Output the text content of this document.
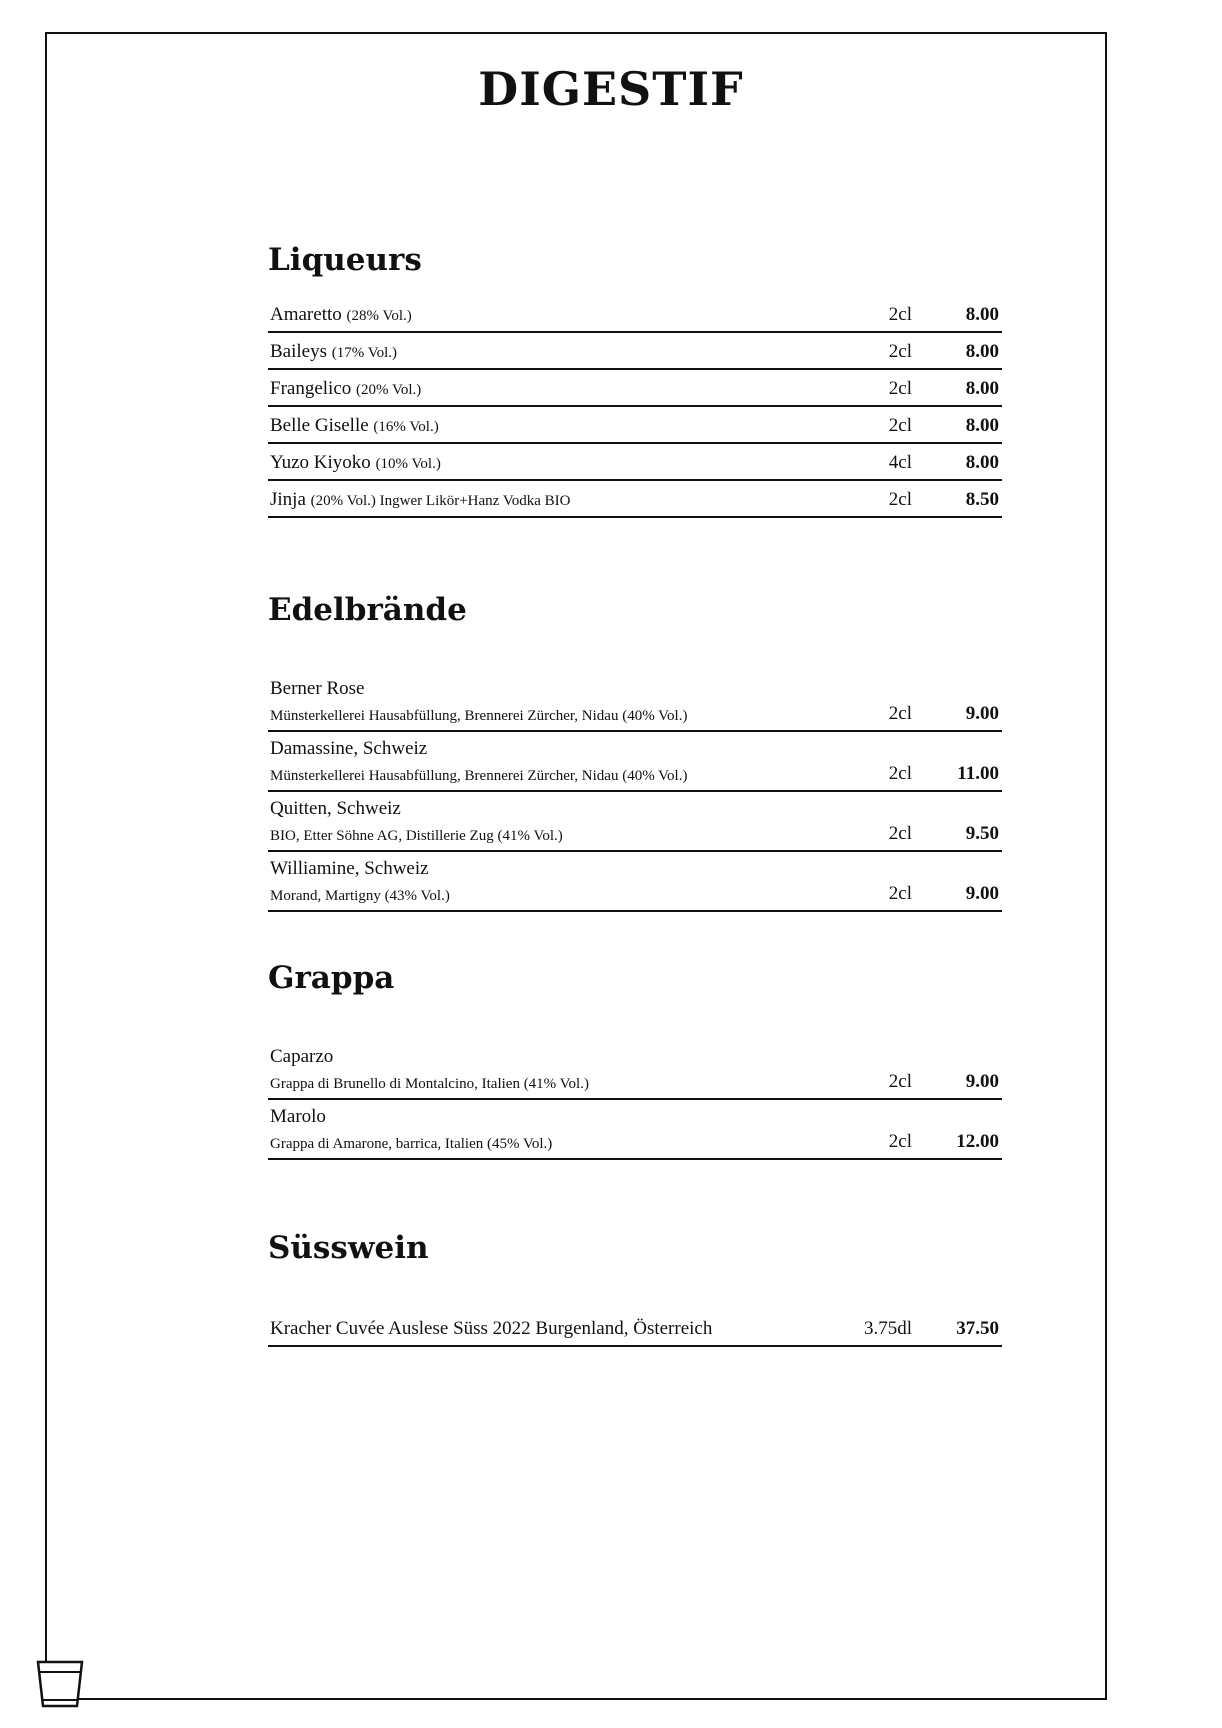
DIGESTIF
Liqueurs
Amaretto (28% Vol.)	2cl	8.00
Baileys (17% Vol.)	2cl	8.00
Frangelico (20% Vol.)	2cl	8.00
Belle Giselle (16% Vol.)	2cl	8.00
Yuzo Kiyoko (10% Vol.)	4cl	8.00
Jinja (20% Vol.) Ingwer Likör+Hanz Vodka BIO	2cl	8.50
Edelbrände
Berner Rose
Münsterkellerei Hausabfüllung, Brennerei Zürcher, Nidau (40% Vol.)	2cl	9.00
Damassine, Schweiz
Münsterkellerei Hausabfüllung, Brennerei Zürcher, Nidau (40% Vol.)	2cl 11.00
Quitten, Schweiz
BIO, Etter Söhne AG, Distillerie Zug (41% Vol.)	2cl	9.50
Williamine, Schweiz
Morand, Martigny (43% Vol.)	2cl	9.00
Grappa
Caparzo
Grappa di Brunello di Montalcino, Italien (41% Vol.)	2cl	9.00
Marolo
Grappa di Amarone, barrica, Italien (45% Vol.)	2cl 12.00
Süsswein
Kracher Cuvée Auslese Süss 2022 Burgenland, Österreich	3.75dl 37.50
